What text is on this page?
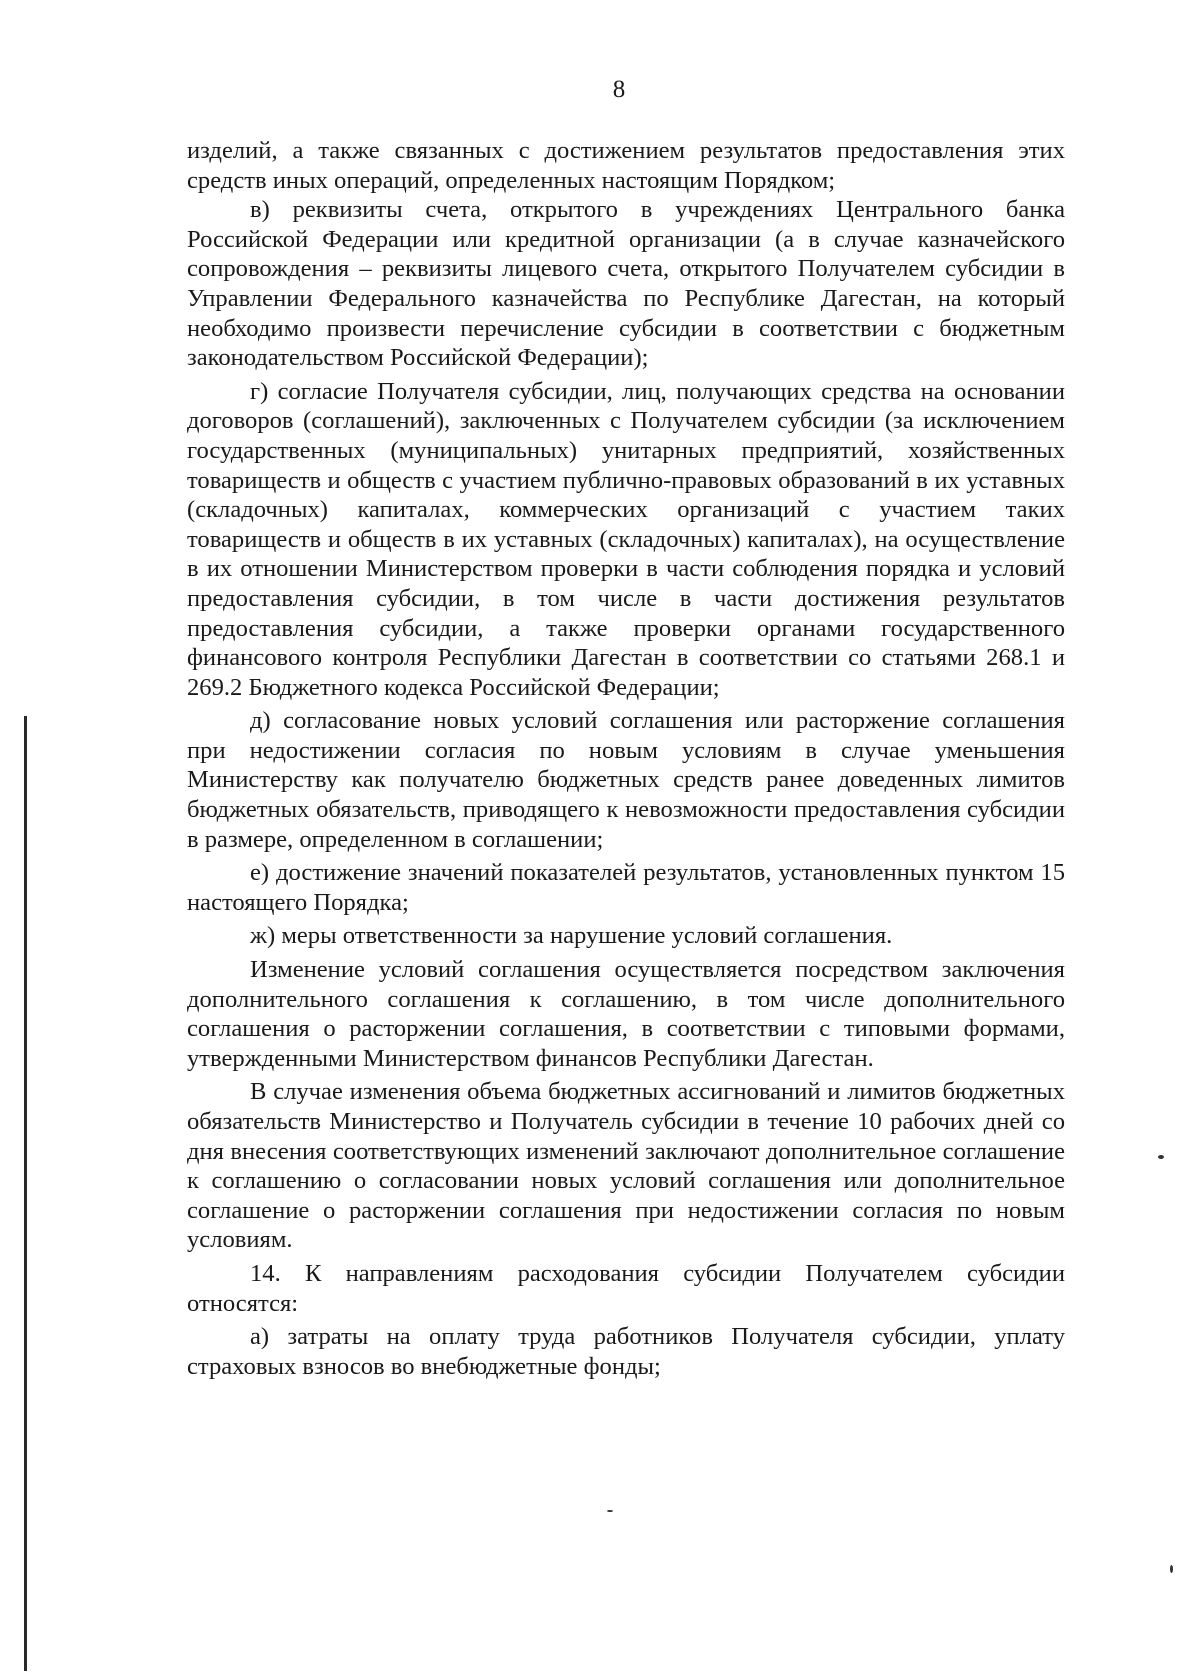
8

изделий, а также связанных с достижением результатов предоставления этих средств иных операций, определенных настоящим Порядком;

в) реквизиты счета, открытого в учреждениях Центрального банка Российской Федерации или кредитной организации (а в случае казначейского сопровождения – реквизиты лицевого счета, открытого Получателем субсидии в Управлении Федерального казначейства по Республике Дагестан, на который необходимо произвести перечисление субсидии в соответствии с бюджетным законодательством Российской Федерации);

г) согласие Получателя субсидии, лиц, получающих средства на основании договоров (соглашений), заключенных с Получателем субсидии (за исключением государственных (муниципальных) унитарных предприятий, хозяйственных товариществ и обществ с участием публично-правовых образований в их уставных (складочных) капиталах, коммерческих организаций с участием таких товариществ и обществ в их уставных (складочных) капиталах), на осуществление в их отношении Министерством проверки в части соблюдения порядка и условий предоставления субсидии, в том числе в части достижения результатов предоставления субсидии, а также проверки органами государственного финансового контроля Республики Дагестан в соответствии со статьями 268.1 и 269.2 Бюджетного кодекса Российской Федерации;

д) согласование новых условий соглашения или расторжение соглашения при недостижении согласия по новым условиям в случае уменьшения Министерству как получателю бюджетных средств ранее доведенных лимитов бюджетных обязательств, приводящего к невозможности предоставления субсидии в размере, определенном в соглашении;

е) достижение значений показателей результатов, установленных пунктом 15 настоящего Порядка;

ж) меры ответственности за нарушение условий соглашения.

Изменение условий соглашения осуществляется посредством заключения дополнительного соглашения к соглашению, в том числе дополнительного соглашения о расторжении соглашения, в соответствии с типовыми формами, утвержденными Министерством финансов Республики Дагестан.

В случае изменения объема бюджетных ассигнований и лимитов бюджетных обязательств Министерство и Получатель субсидии в течение 10 рабочих дней со дня внесения соответствующих изменений заключают дополнительное соглашение к соглашению о согласовании новых условий соглашения или дополнительное соглашение о расторжении соглашения при недостижении согласия по новым условиям.

14. К направлениям расходования субсидии Получателем субсидии относятся:

а) затраты на оплату труда работников Получателя субсидии, уплату страховых взносов во внебюджетные фонды;
